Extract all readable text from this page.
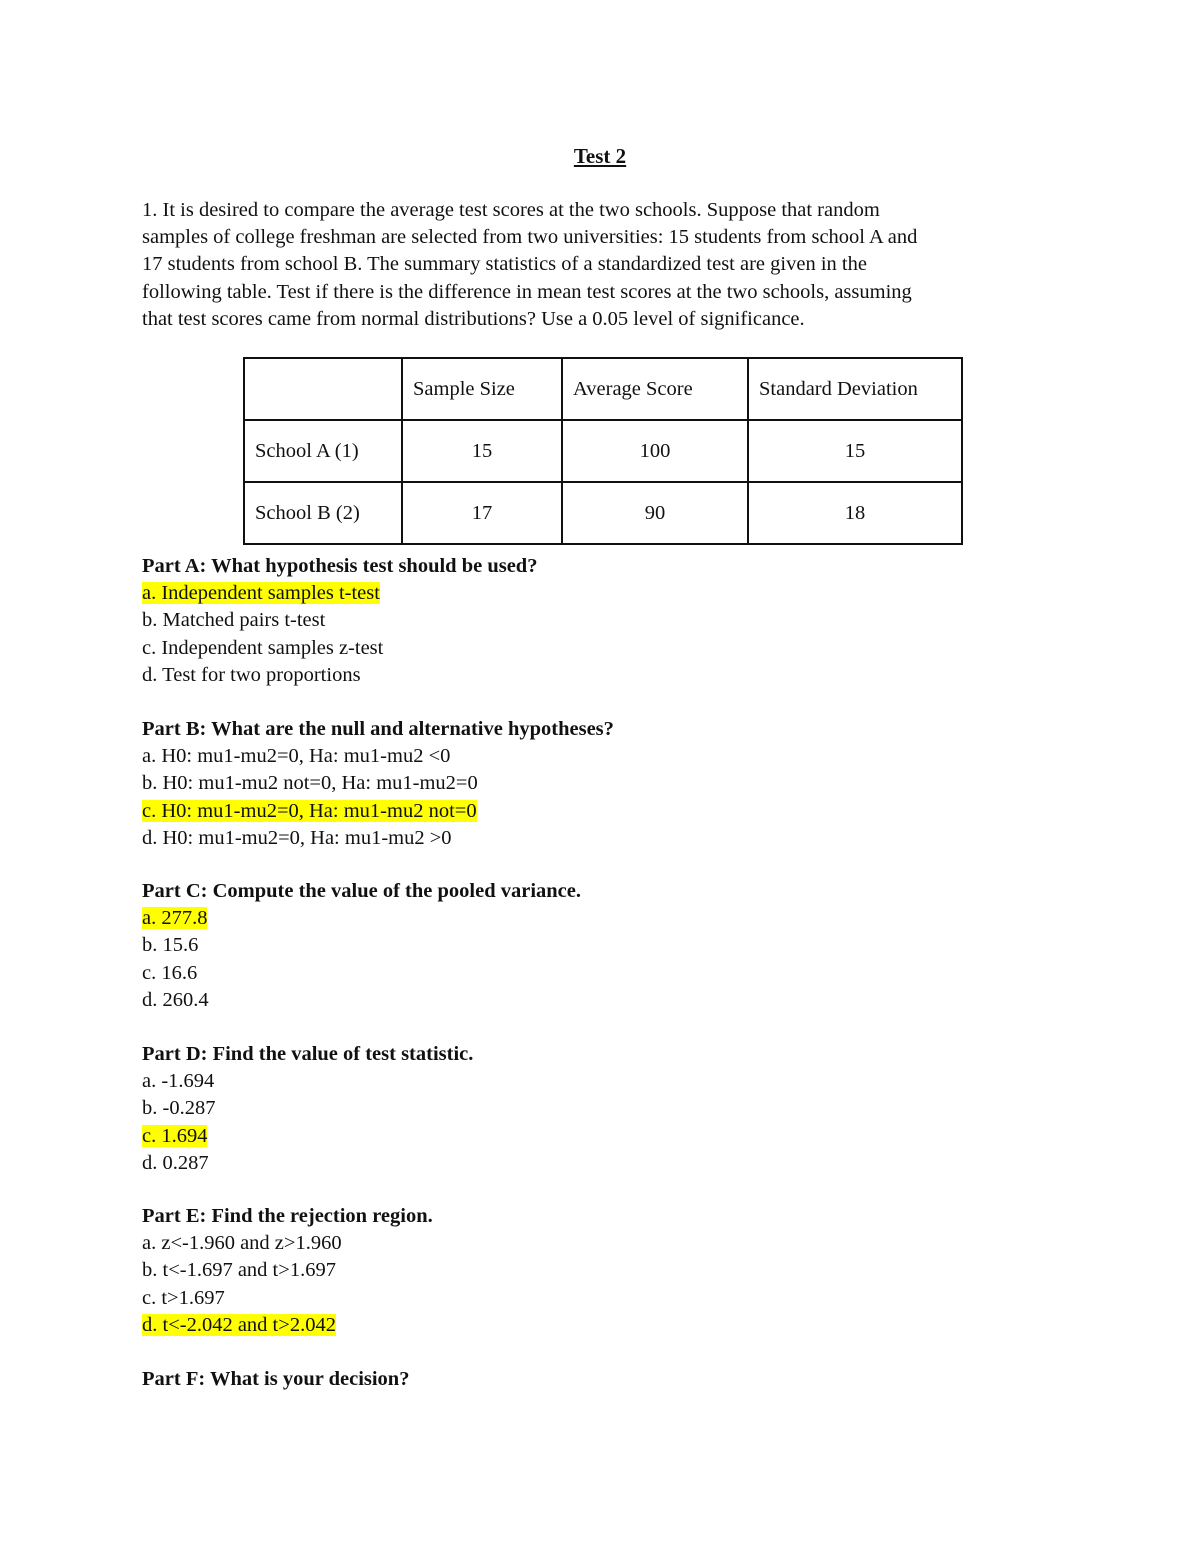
Test 2
1. It is desired to compare the average test scores at the two schools. Suppose that random
samples of college freshman are selected from two universities: 15 students from school A and
17 students from school B. The summary statistics of a standardized test are given in the
following table. Test if there is the difference in mean test scores at the two schools, assuming
that test scores came from normal distributions? Use a 0.05 level of significance.
	Sample Size	Average Score	Standard Deviation
School A (1)	15	100	15
School B (2)	17	90	18
Part A: What hypothesis test should be used?
a. Independent samples t-test
b. Matched pairs t-test
c. Independent samples z-test
d. Test for two proportions
Part B: What are the null and alternative hypotheses?
a. H0: mu1-mu2=0, Ha: mu1-mu2 <0
b. H0: mu1-mu2 not=0, Ha: mu1-mu2=0
c. H0: mu1-mu2=0, Ha: mu1-mu2 not=0
d. H0: mu1-mu2=0, Ha: mu1-mu2 >0
Part C: Compute the value of the pooled variance.
a. 277.8
b. 15.6
c. 16.6
d. 260.4
Part D: Find the value of test statistic.
a. -1.694
b. -0.287
c. 1.694
d. 0.287
Part E: Find the rejection region.
a. z<-1.960 and z>1.960
b. t<-1.697 and t>1.697
c. t>1.697
d. t<-2.042 and t>2.042
Part F: What is your decision?
